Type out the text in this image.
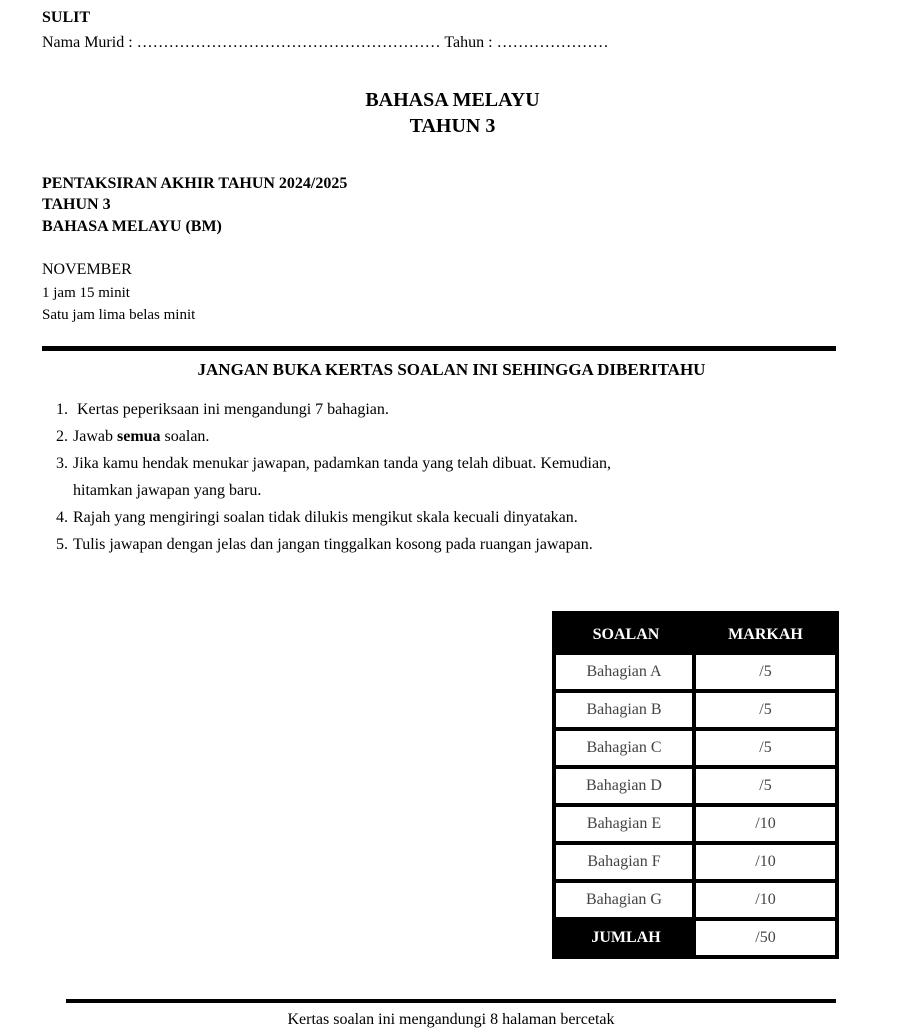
SULIT
Nama Murid : ………………………………………………… Tahun : …………………
BAHASA MELAYU
TAHUN 3
PENTAKSIRAN AKHIR TAHUN 2024/2025
TAHUN 3
BAHASA MELAYU (BM)
NOVEMBER
1 jam 15 minit
Satu jam lima belas minit
JANGAN BUKA KERTAS SOALAN INI SEHINGGA DIBERITAHU
1. Kertas peperiksaan ini mengandungi 7 bahagian.
2. Jawab semua soalan.
3. Jika kamu hendak menukar jawapan, padamkan tanda yang telah dibuat. Kemudian,
hitamkan jawapan yang baru.
4. Rajah yang mengiringi soalan tidak dilukis mengikut skala kecuali dinyatakan.
5. Tulis jawapan dengan jelas dan jangan tinggalkan kosong pada ruangan jawapan.
SOALAN	MARKAH
Bahagian A	/5

Bahagian B	/5

Bahagian C	/5

Bahagian D	/5

Bahagian E	/10

Bahagian F	/10

Bahagian G	/10

JUMLAH	/50
Kertas soalan ini mengandungi 8 halaman bercetak
